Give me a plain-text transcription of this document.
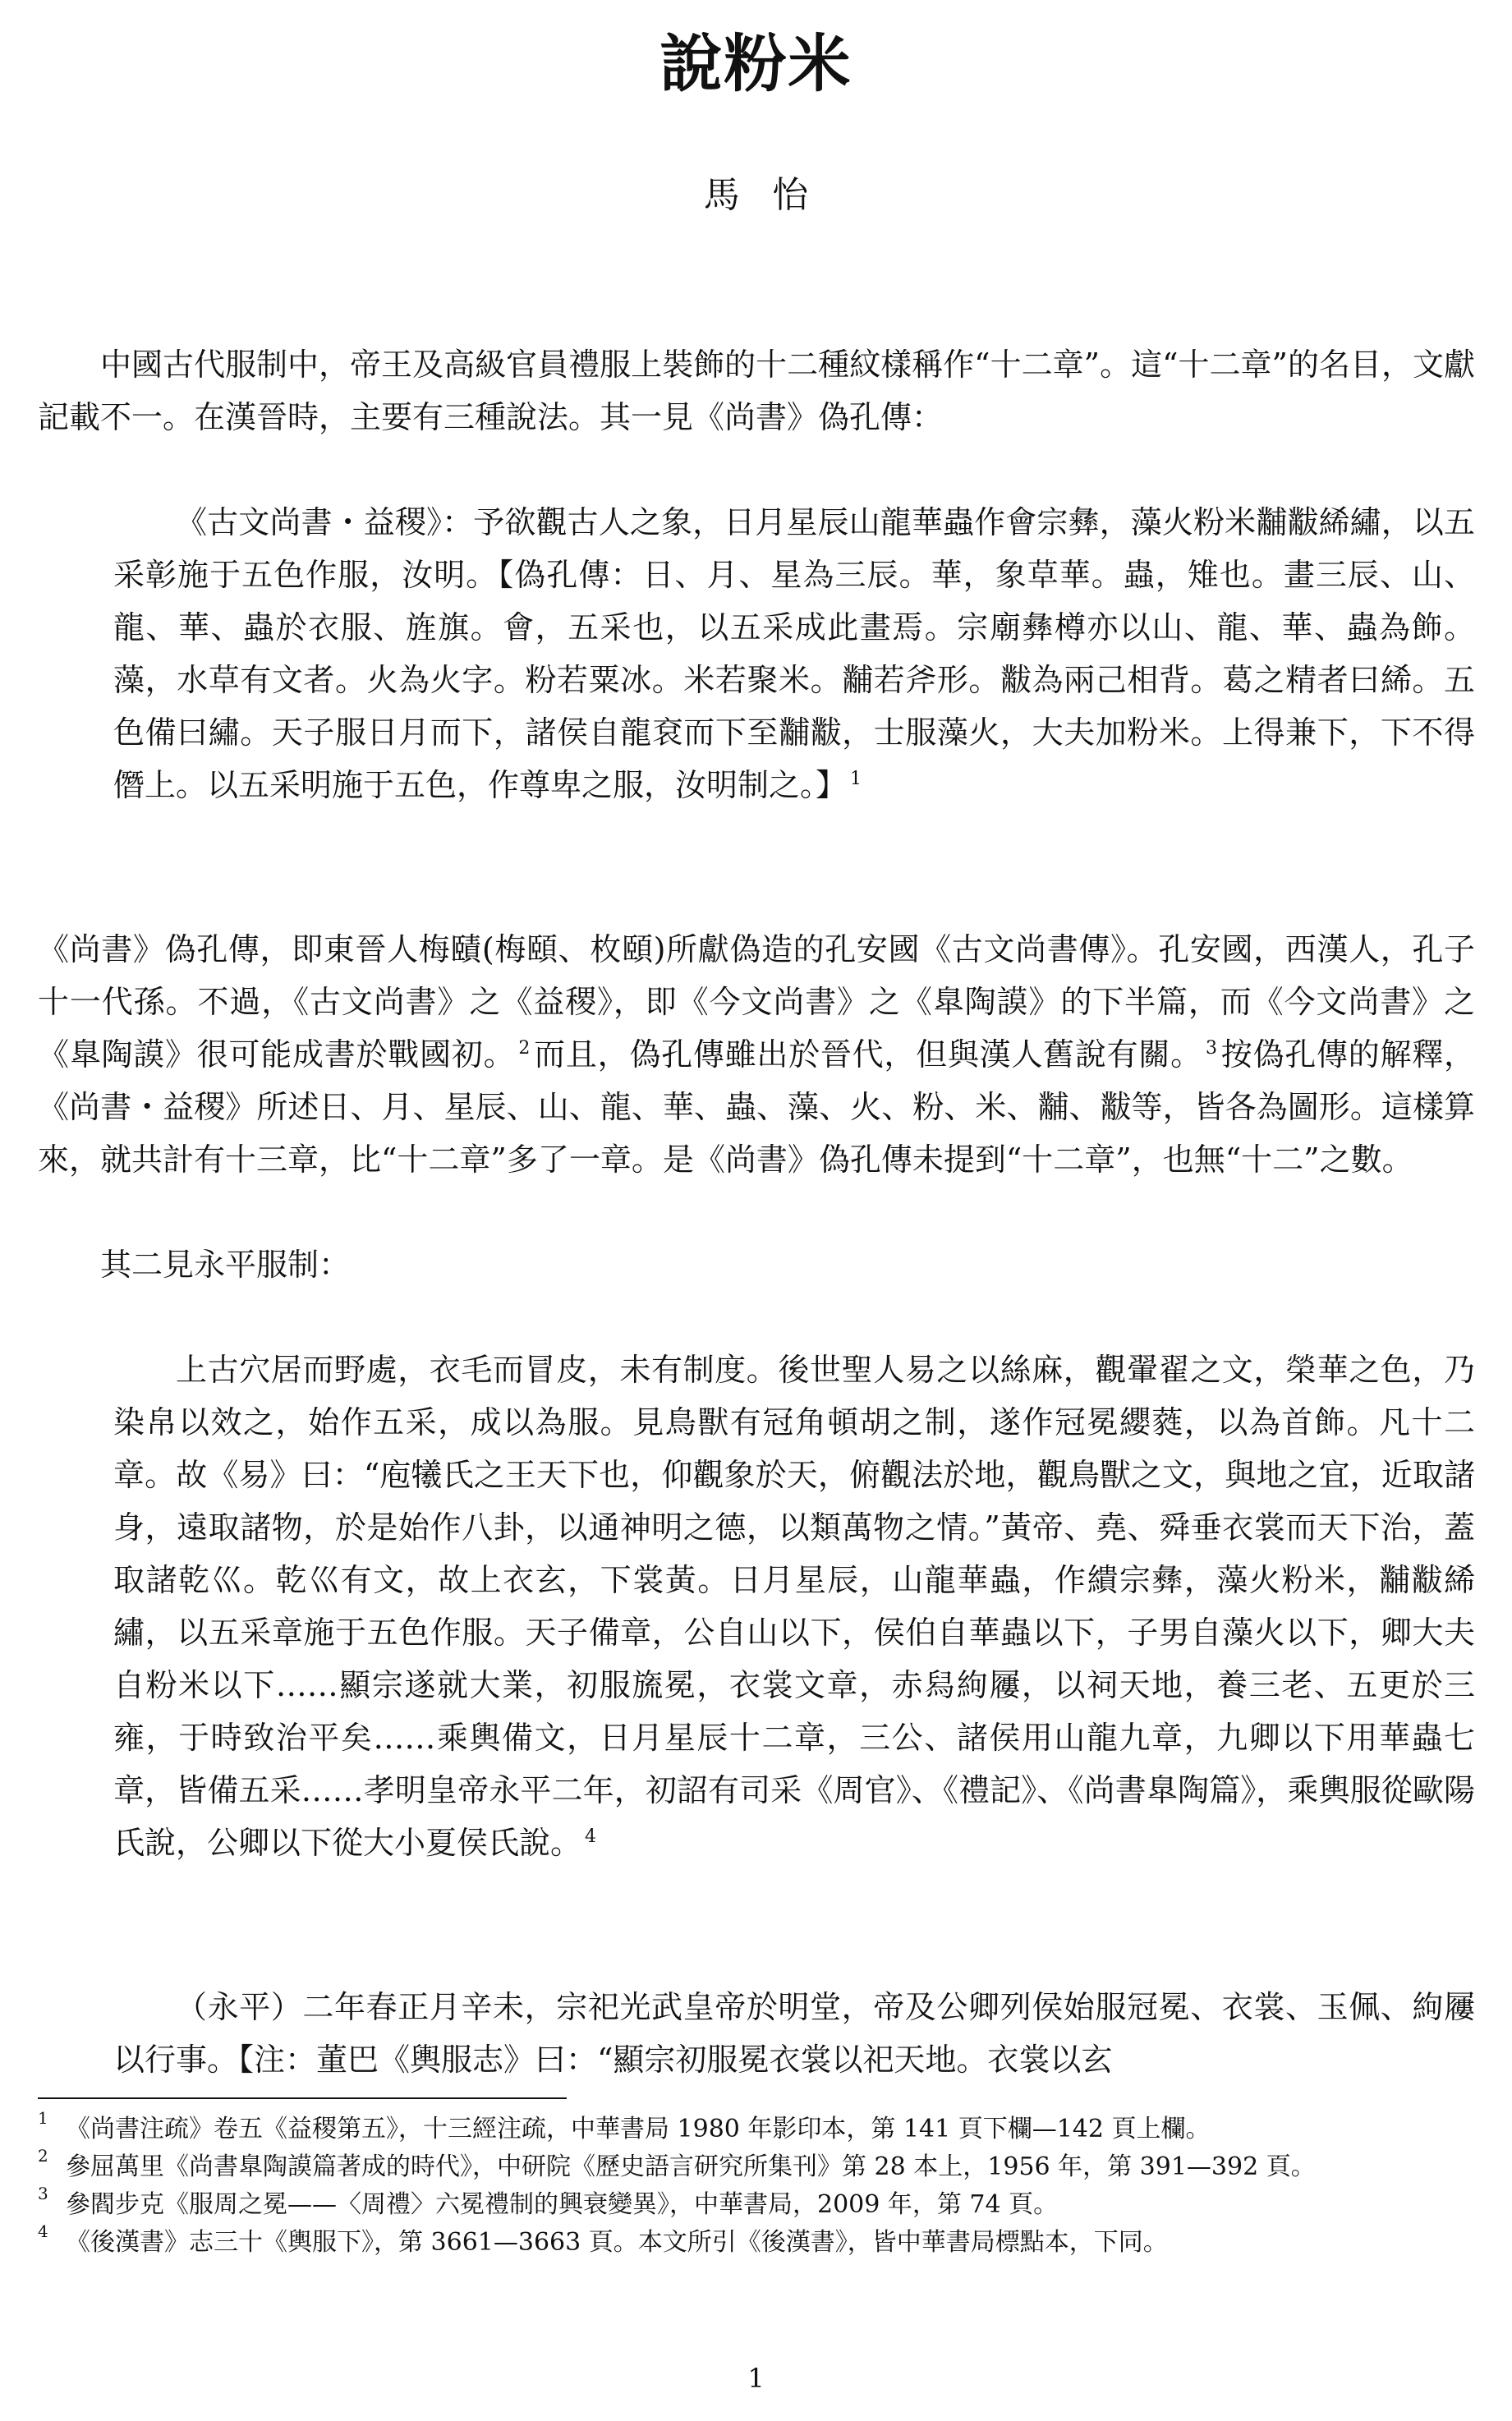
說粉米
馬怡

中國古代服制中，帝王及高級官員禮服上裝飾的十二種紋樣稱作“十二章”。這“十二章”的名目，文獻記載不一。在漢晉時，主要有三種說法。其一見《尚書》偽孔傳：

《古文尚書・益稷》：予欲觀古人之象，日月星辰山龍華蟲作會宗彝，藻火粉米黼黻絺繡，以五采彰施于五色作服，汝明。【偽孔傳：日、月、星為三辰。華，象草華。蟲，雉也。畫三辰、山、龍、華、蟲於衣服、旌旗。會，五采也，以五采成此畫焉。宗廟彝樽亦以山、龍、華、蟲為飾。藻，水草有文者。火為火字。粉若粟冰。米若聚米。黼若斧形。黻為兩己相背。葛之精者曰絺。五色備曰繡。天子服日月而下，諸侯自龍袞而下至黼黻，士服藻火，大夫加粉米。上得兼下，下不得僭上。以五采明施于五色，作尊卑之服，汝明制之。】 $^1$

《尚書》偽孔傳，即東晉人梅賾(梅頤、枚頤)所獻偽造的孔安國《古文尚書傳》。孔安國，西漢人，孔子十一代孫。不過，《古文尚書》之《益稷》，即《今文尚書》之《臯陶謨》的下半篇，而《今文尚書》之《臯陶謨》很可能成書於戰國初。 $^2$ 而且，偽孔傳雖出於晉代，但與漢人舊說有關。 $^3$ 按偽孔傳的解釋，《尚書・益稷》所述日、月、星辰、山、龍、華、蟲、藻、火、粉、米、黼、黻等，皆各為圖形。這樣算來，就共計有十三章，比“十二章”多了一章。是《尚書》偽孔傳未提到“十二章”，也無“十二”之數。

其二見永平服制：

上古穴居而野處，衣毛而冒皮，未有制度。後世聖人易之以絲麻，觀翬翟之文，榮華之色，乃染帛以效之，始作五采，成以為服。見鳥獸有冠角頓胡之制，遂作冠冕纓蕤，以為首飾。凡十二章。故《易》曰：“庖犧氏之王天下也，仰觀象於天，俯觀法於地，觀鳥獸之文，與地之宜，近取諸身，遠取諸物，於是始作八卦，以通神明之德，以類萬物之情。”黃帝、堯、舜垂衣裳而天下治，蓋取諸乾巛。乾巛有文，故上衣玄，下裳黃。日月星辰，山龍華蟲，作繢宗彝，藻火粉米，黼黻絺繡，以五采章施于五色作服。天子備章，公自山以下，侯伯自華蟲以下，子男自藻火以下，卿大夫自粉米以下……顯宗遂就大業，初服旒冕，衣裳文章，赤舄絇屨，以祠天地，養三老、五更於三雍，于時致治平矣……乘輿備文，日月星辰十二章，三公、諸侯用山龍九章，九卿以下用華蟲七章，皆備五采……孝明皇帝永平二年，初詔有司采《周官》、《禮記》、《尚書臯陶篇》，乘輿服從歐陽氏說，公卿以下從大小夏侯氏說。 $^4$

（永平）二年春正月辛未，宗祀光武皇帝於明堂，帝及公卿列侯始服冠冕、衣裳、玉佩、絇屨以行事。【注：董巴《輿服志》曰：“顯宗初服冕衣裳以祀天地。衣裳以玄

1 《尚書注疏》卷五《益稷第五》，十三經注疏，中華書局 1980 年影印本，第 141 頁下欄—142 頁上欄。

2 參屈萬里《尚書臯陶謨篇著成的時代》，中研院《歷史語言研究所集刊》第 28 本上，1956 年，第 391—392 頁。

3 參閻步克《服周之冕——〈周禮〉六冕禮制的興衰變異》，中華書局，2009 年，第 74 頁。

4 《後漢書》志三十《輿服下》，第 3661—3663 頁。本文所引《後漢書》，皆中華書局標點本，下同。

1
